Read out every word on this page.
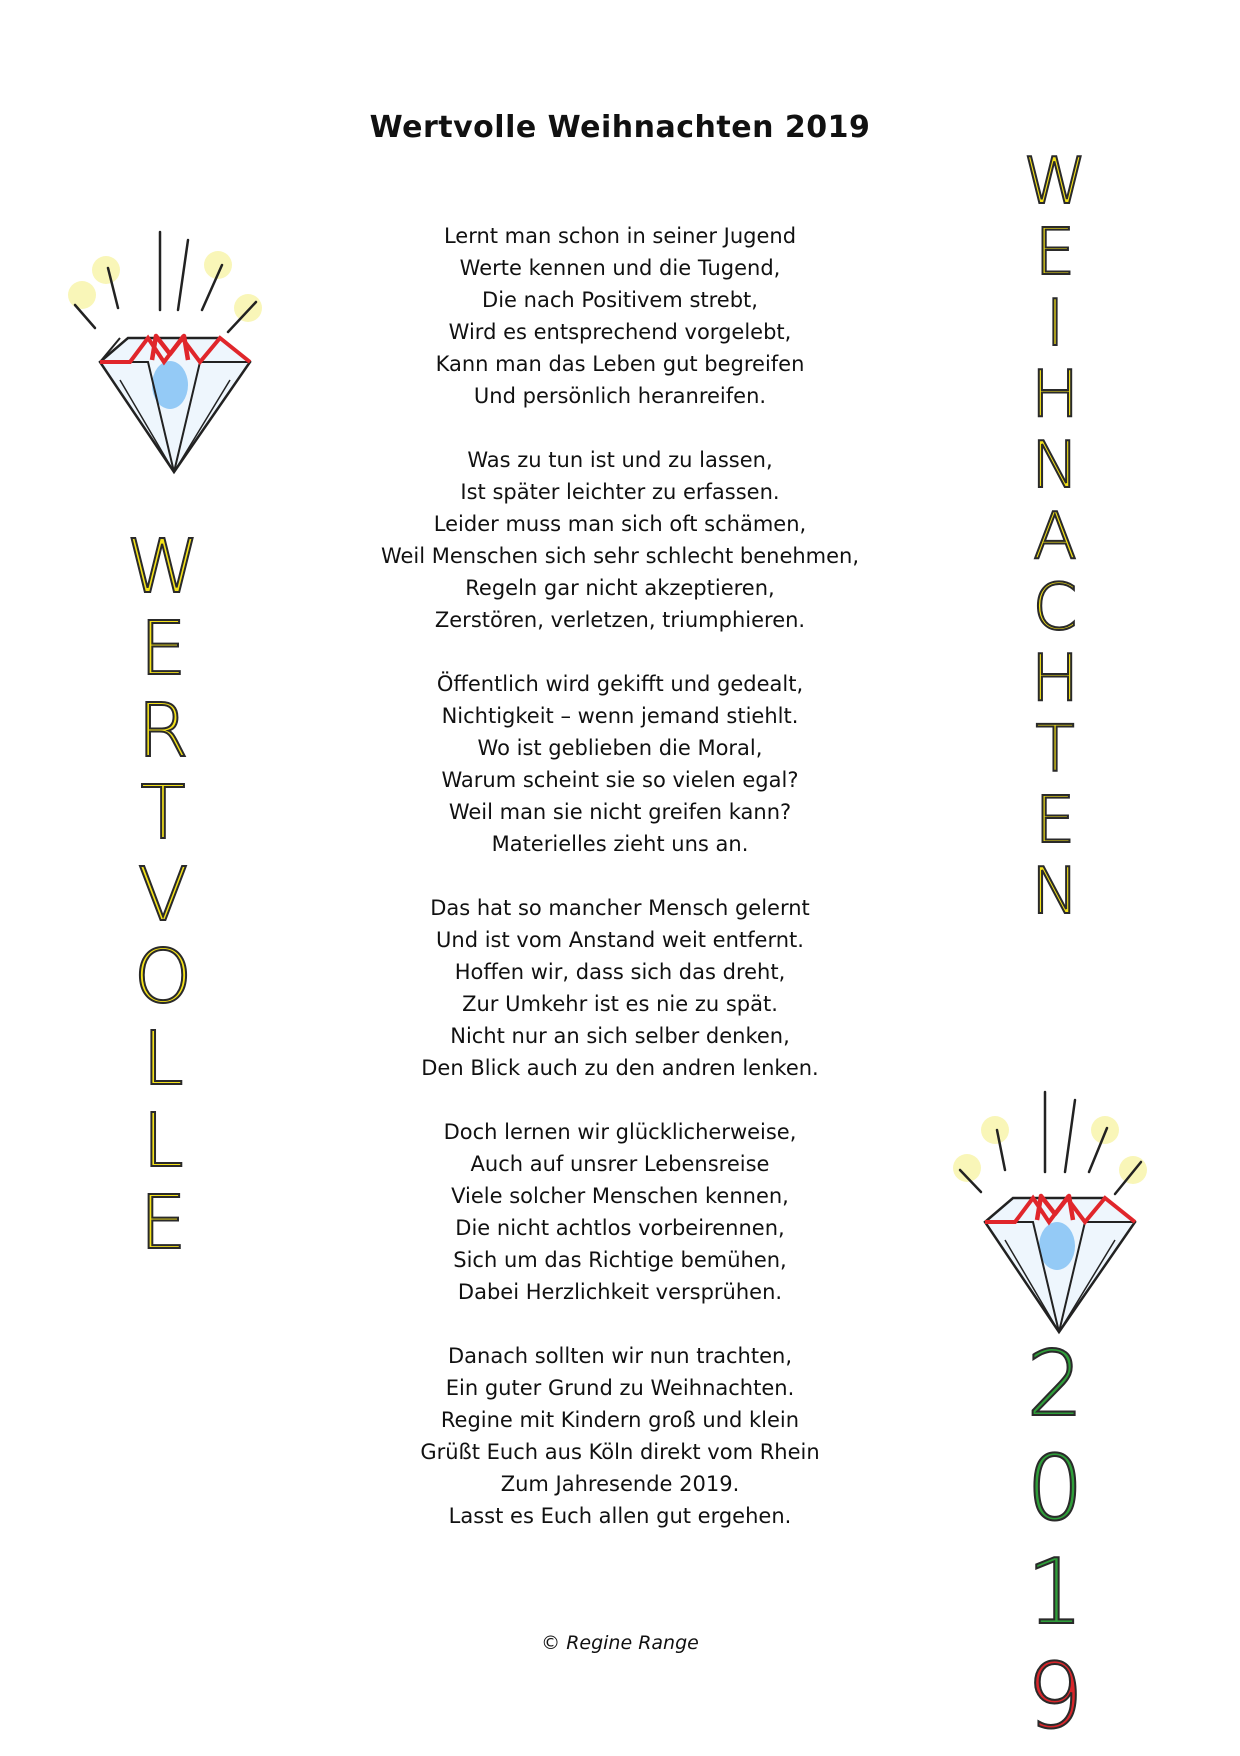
Wertvolle Weihnachten 2019
Lernt man schon in seiner Jugend
Werte kennen und die Tugend,
Die nach Positivem strebt,
Wird es entsprechend vorgelebt,
Kann man das Leben gut begreifen
Und persönlich heranreifen.
Was zu tun ist und zu lassen,
Ist später leichter zu erfassen.
Leider muss man sich oft schämen,
Weil Menschen sich sehr schlecht benehmen,
Regeln gar nicht akzeptieren,
Zerstören, verletzen, triumphieren.
Öffentlich wird gekifft und gedealt,
Nichtigkeit – wenn jemand stiehlt.
Wo ist geblieben die Moral,
Warum scheint sie so vielen egal?
Weil man sie nicht greifen kann?
Materielles zieht uns an.
Das hat so mancher Mensch gelernt
Und ist vom Anstand weit entfernt.
Hoffen wir, dass sich das dreht,
Zur Umkehr ist es nie zu spät.
Nicht nur an sich selber denken,
Den Blick auch zu den andren lenken.
Doch lernen wir glücklicherweise,
Auch auf unsrer Lebensreise
Viele solcher Menschen kennen,
Die nicht achtlos vorbeirennen,
Sich um das Richtige bemühen,
Dabei Herzlichkeit versprühen.
Danach sollten wir nun trachten,
Ein guter Grund zu Weihnachten.
Regine mit Kindern groß und klein
Grüßt Euch aus Köln direkt vom Rhein
Zum Jahresende 2019.
Lasst es Euch allen gut ergehen.
© Regine Range
W
E
R
T
V
O
L
L
E
W
E
I
H
N
A
C
H
T
E
N
2
0
1
9
